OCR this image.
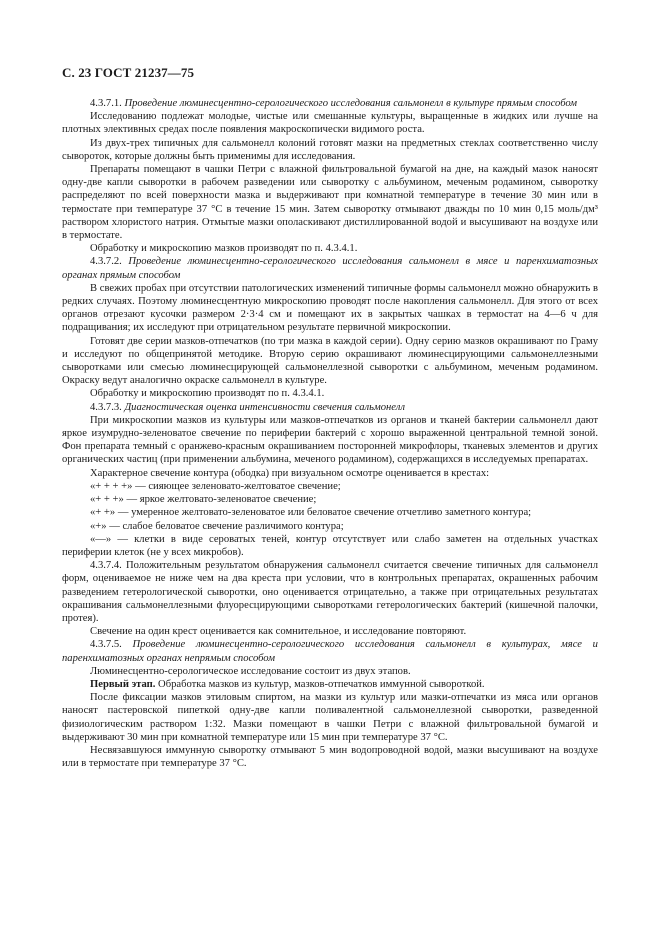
С. 23 ГОСТ 21237—75

4.3.7.1. Проведение люминесцентно-серологического исследования сальмонелл в культуре прямым способом

Исследованию подлежат молодые, чистые или смешанные культуры, выращенные в жидких или лучше на плотных элективных средах после появления макроскопически видимого роста.

Из двух-трех типичных для сальмонелл колоний готовят мазки на предметных стеклах соответственно числу сывороток, которые должны быть применимы для исследования.

Препараты помещают в чашки Петри с влажной фильтровальной бумагой на дне, на каждый мазок наносят одну-две капли сыворотки в рабочем разведении или сыворотку с альбумином, меченым родамином, сыворотку распределяют по всей поверхности мазка и выдерживают при комнатной температуре в течение 30 мин или в термостате при температуре 37 °С в течение 15 мин. Затем сыворотку отмывают дважды по 10 мин 0,15 моль/дм³ раствором хлористого натрия. Отмытые мазки ополаскивают дистиллированной водой и высушивают на воздухе или в термостате.

Обработку и микроскопию мазков производят по п. 4.3.4.1.

4.3.7.2. Проведение люминесцентно-серологического исследования сальмонелл в мясе и паренхиматозных органах прямым способом

В свежих пробах при отсутствии патологических изменений типичные формы сальмонелл можно обнаружить в редких случаях. Поэтому люминесцентную микроскопию проводят после накопления сальмонелл. Для этого от всех органов отрезают кусочки размером 2·3·4 см и помещают их в закрытых чашках в термостат на 4—6 ч для подращивания; их исследуют при отрицательном результате первичной микроскопии.

Готовят две серии мазков-отпечатков (по три мазка в каждой серии). Одну серию мазков окрашивают по Граму и исследуют по общепринятой методике. Вторую серию окрашивают люминесцирующими сальмонеллезными сыворотками или смесью люминесцирующей сальмонеллезной сыворотки с альбумином, меченым родамином. Окраску ведут аналогично окраске сальмонелл в культуре.

Обработку и микроскопию производят по п. 4.3.4.1.

4.3.7.3. Диагностическая оценка интенсивности свечения сальмонелл

При микроскопии мазков из культуры или мазков-отпечатков из органов и тканей бактерии сальмонелл дают яркое изумрудно-зеленоватое свечение по периферии бактерий с хорошо выраженной центральной темной зоной. Фон препарата темный с оранжево-красным окрашиванием посторонней микрофлоры, тканевых элементов и других органических частиц (при применении альбумина, меченого родамином), содержащихся в исследуемых препаратах.

Характерное свечение контура (ободка) при визуальном осмотре оценивается в крестах:

«+ + + +» — сияющее зеленовато-желтоватое свечение;

«+ + +» — яркое желтовато-зеленоватое свечение;

«+ +» — умеренное желтовато-зеленоватое или беловатое свечение отчетливо заметного контура;

«+» — слабое беловатое свечение различимого контура;

«—» — клетки в виде сероватых теней, контур отсутствует или слабо заметен на отдельных участках периферии клеток (не у всех микробов).

4.3.7.4. Положительным результатом обнаружения сальмонелл считается свечение типичных для сальмонелл форм, оцениваемое не ниже чем на два креста при условии, что в контрольных препаратах, окрашенных рабочим разведением гетерологической сыворотки, оно оценивается отрицательно, а также при отрицательных результатах окрашивания сальмонеллезными флуоресцирующими сыворотками гетерологических бактерий (кишечной палочки, протея).

Свечение на один крест оценивается как сомнительное, и исследование повторяют.

4.3.7.5. Проведение люминесцентно-серологического исследования сальмонелл в культурах, мясе и паренхиматозных органах непрямым способом

Люминесцентно-серологическое исследование состоит из двух этапов.

Первый этап. Обработка мазков из культур, мазков-отпечатков иммунной сывороткой.

После фиксации мазков этиловым спиртом, на мазки из культур или мазки-отпечатки из мяса или органов наносят пастеровской пипеткой одну-две капли поливалентной сальмонеллезной сыворотки, разведенной физиологическим раствором 1:32. Мазки помещают в чашки Петри с влажной фильтровальной бумагой и выдерживают 30 мин при комнатной температуре или 15 мин при температуре 37 °С.

Несвязавшуюся иммунную сыворотку отмывают 5 мин водопроводной водой, мазки высушивают на воздухе или в термостате при температуре 37 °С.
